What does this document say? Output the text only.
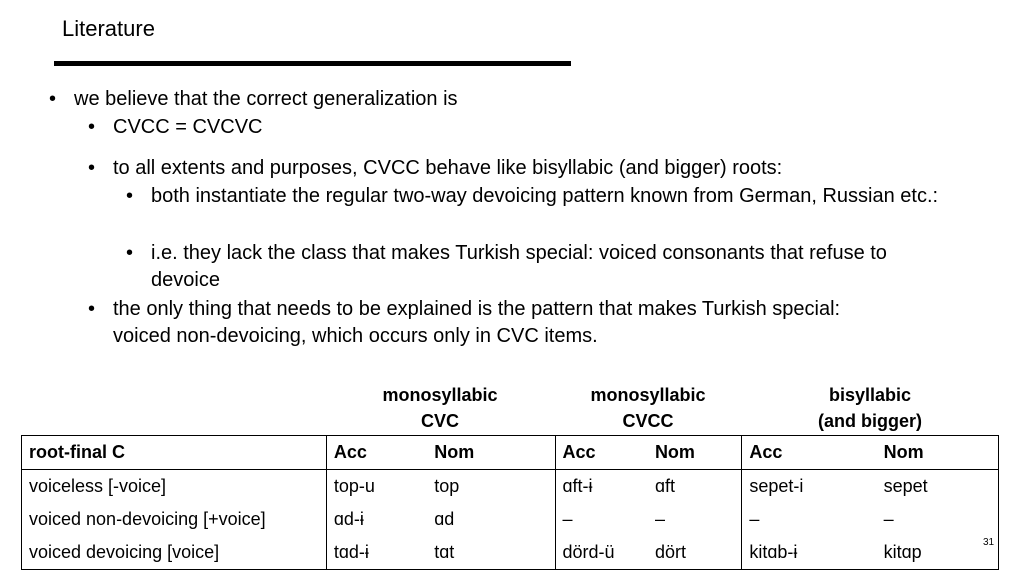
Literature
• we believe that the correct generalization is
• CVCC = CVCVC
• to all extents and purposes, CVCC behave like bisyllabic (and bigger) roots:
• both instantiate the regular two-way devoicing pattern known from German, Russian etc.:
• i.e. they lack the class that makes Turkish special: voiced consonants that refuse to devoice
• the only thing that needs to be explained is the pattern that makes Turkish special: voiced non-devoicing, which occurs only in CVC items.
monosyllabic
CVC
monosyllabic
CVCC
bisyllabic
(and bigger)
root-final C	Acc	Nom	Acc	Nom	Acc	Nom
voiceless [-voice]	top-u	top	ɑft-ɨ	ɑft	sepet-i	sepet
voiced non-devoicing [+voice]	ɑd-ɨ	ɑd	–	–	–	–
voiced devoicing [voice]	tɑd-ɨ	tɑt	dörd-ü	dört	kitɑb-ɨ	kitɑp	31
